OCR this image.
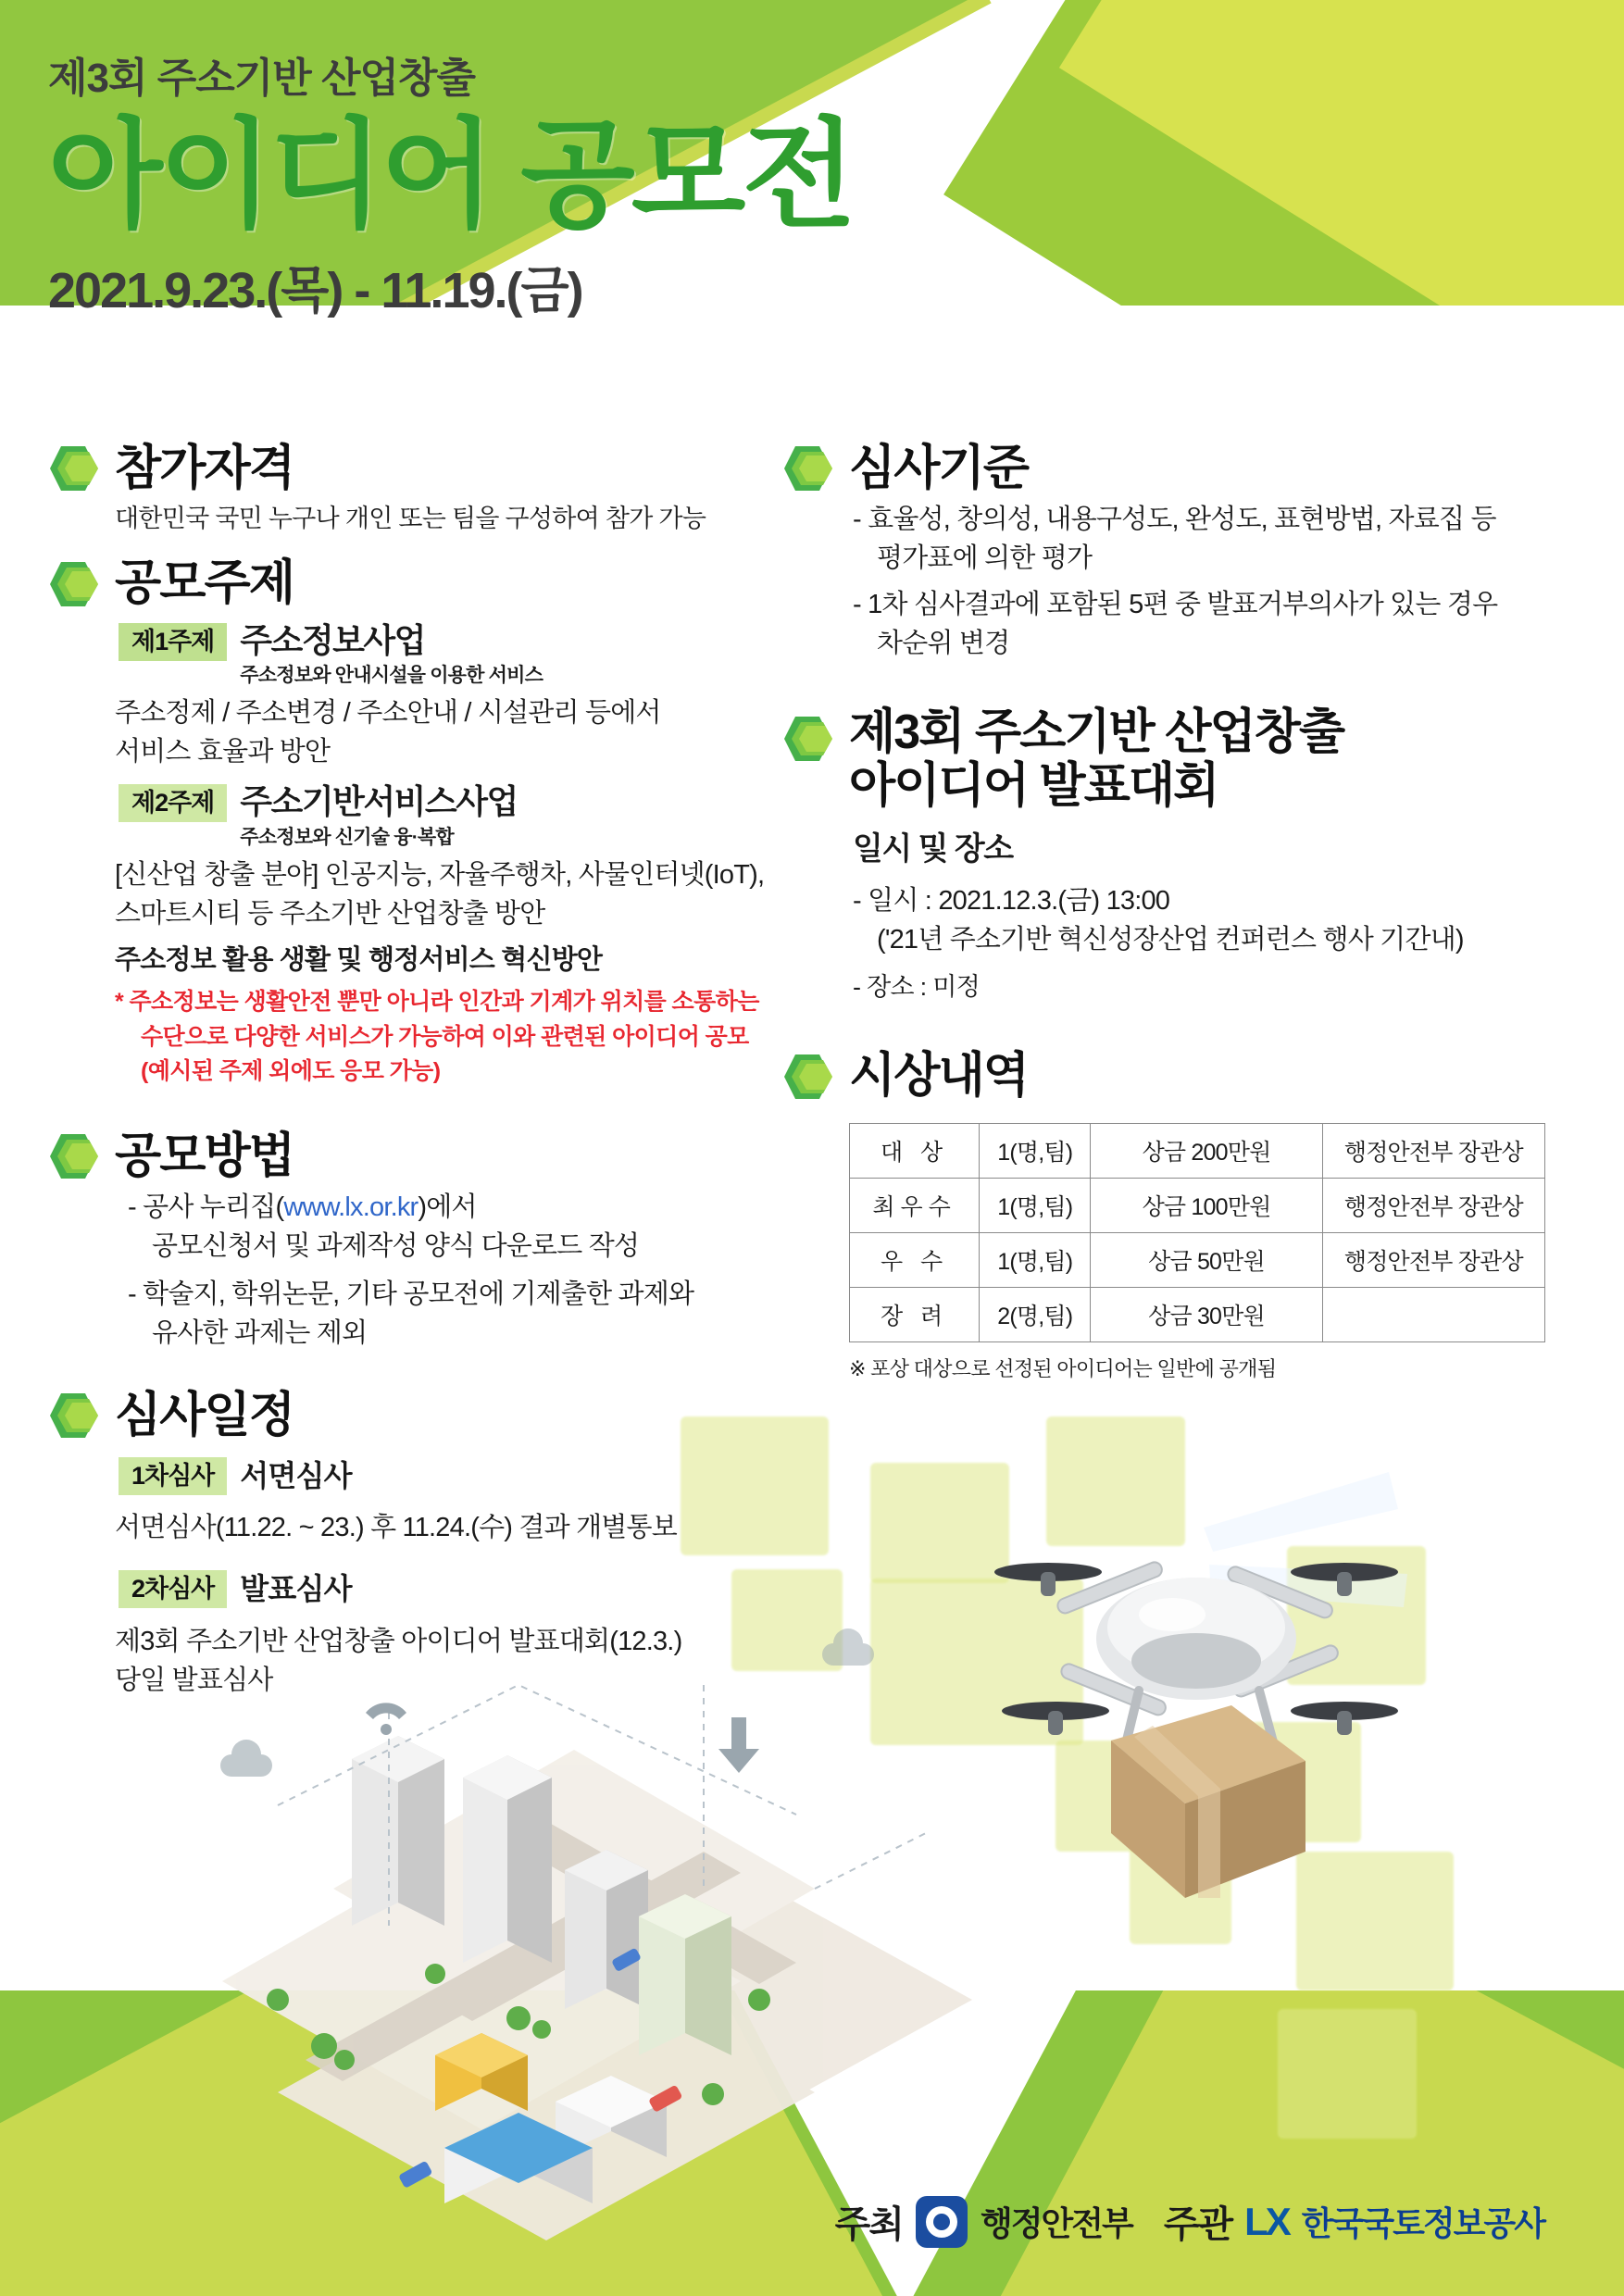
제3회 주소기반 산업창출
아이디어 공모전
2021.9.23.(목) - 11.19.(금)
참가자격

대한민국 국민 누구나 개인 또는 팀을 구성하여 참가 가능

공모주제
제1주제 주소정보사업
주소정보와 안내시설을 이용한 서비스

주소정제 / 주소변경 / 주소안내 / 시설관리 등에서

서비스 효율과 방안

제2주제 주소기반서비스사업
주소정보와 신기술 융·복합

[신산업 창출 분야] 인공지능, 자율주행차, 사물인터넷(IoT),

스마트시티 등 주소기반 산업창출 방안

주소정보 활용 생활 및 행정서비스 혁신방안

* 주소정보는 생활안전 뿐만 아니라 인간과 기계가 위치를 소통하는

수단으로 다양한 서비스가 가능하여 이와 관련된 아이디어 공모

(예시된 주제 외에도 응모 가능)

공모방법

- 공사 누리집(www.lx.or.kr)에서

공모신청서 및 과제작성 양식 다운로드 작성

- 학술지, 학위논문, 기타 공모전에 기제출한 과제와

유사한 과제는 제외

심사일정
1차심사 서면심사

서면심사(11.22. ~ 23.) 후 11.24.(수) 결과 개별통보

2차심사 발표심사

제3회 주소기반 산업창출 아이디어 발표대회(12.3.)

당일 발표심사

심사기준

- 효율성, 창의성, 내용구성도, 완성도, 표현방법, 자료집 등

평가표에 의한 평가

- 1차 심사결과에 포함된 5편 중 발표거부의사가 있는 경우

차순위 변경

제3회 주소기반 산업창출
아이디어 발표대회

일시 및 장소

- 일시 : 2021.12.3.(금) 13:00

('21년 주소기반 혁신성장산업 컨퍼런스 행사 기간내)

- 장소 : 미정

시상내역
대 상	1(명,팀)	상금 200만원	행정안전부 장관상
최우수	1(명,팀)	상금 100만원	행정안전부 장관상
우 수	1(명,팀)	상금 50만원	행정안전부 장관상
장 려	2(명,팀)	상금 30만원	

※ 포상 대상으로 선정된 아이디어는 일반에 공개됨

주최 행정안전부 주관 LX 한국국토정보공사
